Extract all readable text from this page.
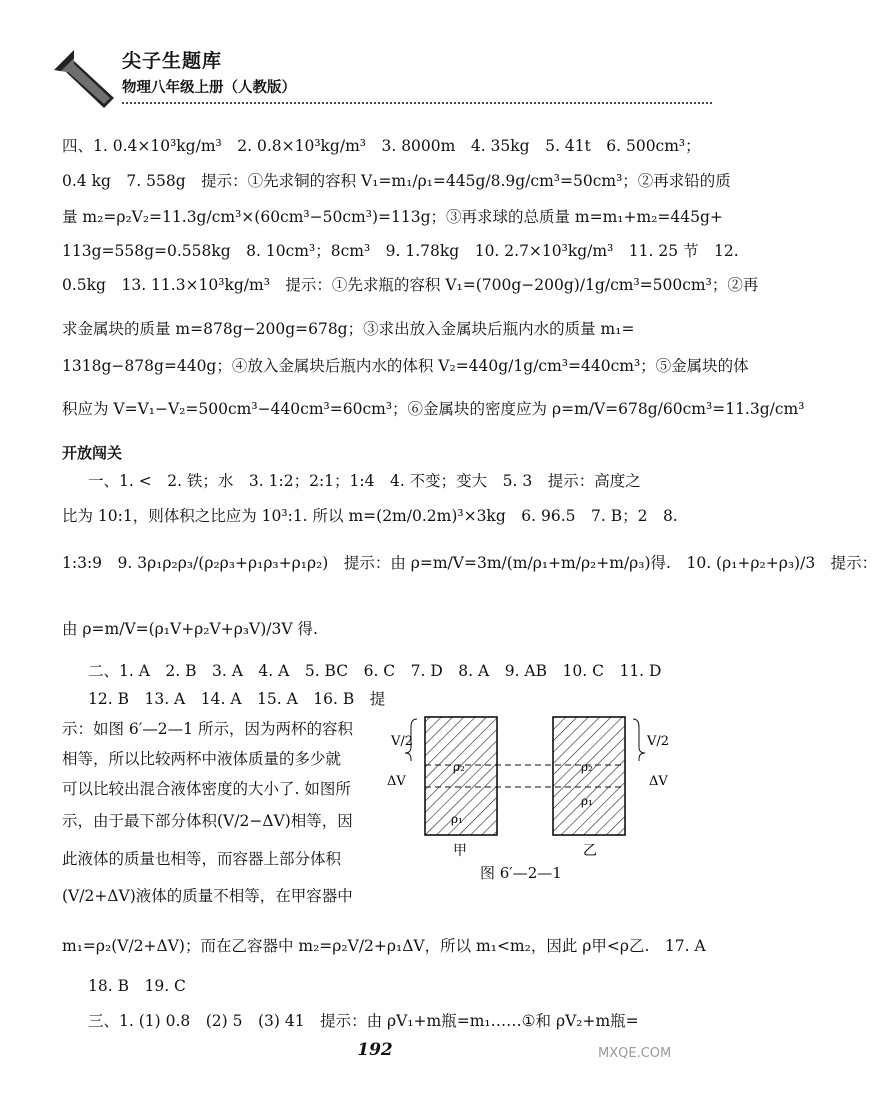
尖子生题库
物理八年级上册（人教版）
四、1. 0.4×10³kg/m³　2. 0.8×10³kg/m³　3. 8000m　4. 35kg　5. 41t　6. 500cm³；
0.4 kg　7. 558g　提示：①先求铜的容积 V₁=m₁/ρ₁=445g/8.9g/cm³=50cm³；②再求铅的质
量 m₂=ρ₂V₂=11.3g/cm³×(60cm³−50cm³)=113g；③再求球的总质量 m=m₁+m₂=445g+
113g=558g=0.558kg　8. 10cm³；8cm³　9. 1.78kg　10. 2.7×10³kg/m³　11. 25 节　12.
0.5kg　13. 11.3×10³kg/m³　提示：①先求瓶的容积 V₁=(700g−200g)/1g/cm³=500cm³；②再
求金属块的质量 m=878g−200g=678g；③求出放入金属块后瓶内水的质量 m₁=
1318g−878g=440g；④放入金属块后瓶内水的体积 V₂=440g/1g/cm³=440cm³；⑤金属块的体
积应为 V=V₁−V₂=500cm³−440cm³=60cm³；⑥金属块的密度应为 ρ=m/V=678g/60cm³=11.3g/cm³
开放闯关
一、1. <　2. 铁；水　3. 1:2；2:1；1:4　4. 不变；变大　5. 3　提示：高度之
比为 10:1，则体积之比应为 10³:1. 所以 m=(2m/0.2m)³×3kg　6. 96.5　7. B；2　8.
1:3:9　9. 3ρ₁ρ₂ρ₃/(ρ₂ρ₃+ρ₁ρ₃+ρ₁ρ₂)　提示：由 ρ=m/V=3m/(m/ρ₁+m/ρ₂+m/ρ₃)得.　10. (ρ₁+ρ₂+ρ₃)/3　提示：
由 ρ=m/V=(ρ₁V+ρ₂V+ρ₃V)/3V 得.
二、1. A　2. B　3. A　4. A　5. BC　6. C　7. D　8. A　9. AB　10. C　11. D
12. B　13. A　14. A　15. A　16. B　提
示：如图 6′—2—1 所示，因为两杯的容积
相等，所以比较两杯中液体质量的多少就
可以比较出混合液体密度的大小了. 如图所
示，由于最下部分体积(V/2−ΔV)相等，因
此液体的质量也相等，而容器上部分体积
(V/2+ΔV)液体的质量不相等，在甲容器中
m₁=ρ₂(V/2+ΔV)；而在乙容器中 m₂=ρ₂V/2+ρ₁ΔV，所以 m₁<m₂，因此 ρ甲<ρ乙.　17. A
18. B　19. C
三、1. (1) 0.8　(2) 5　(3) 41　提示：由 ρV₁+m瓶=m₁……①和 ρV₂+m瓶=
V/2	V/2
ΔV	ΔV
ρ₂
ρ₁
ρ₂
ρ₁
甲	乙
图 6′—2—1
192	MXQE.COM
